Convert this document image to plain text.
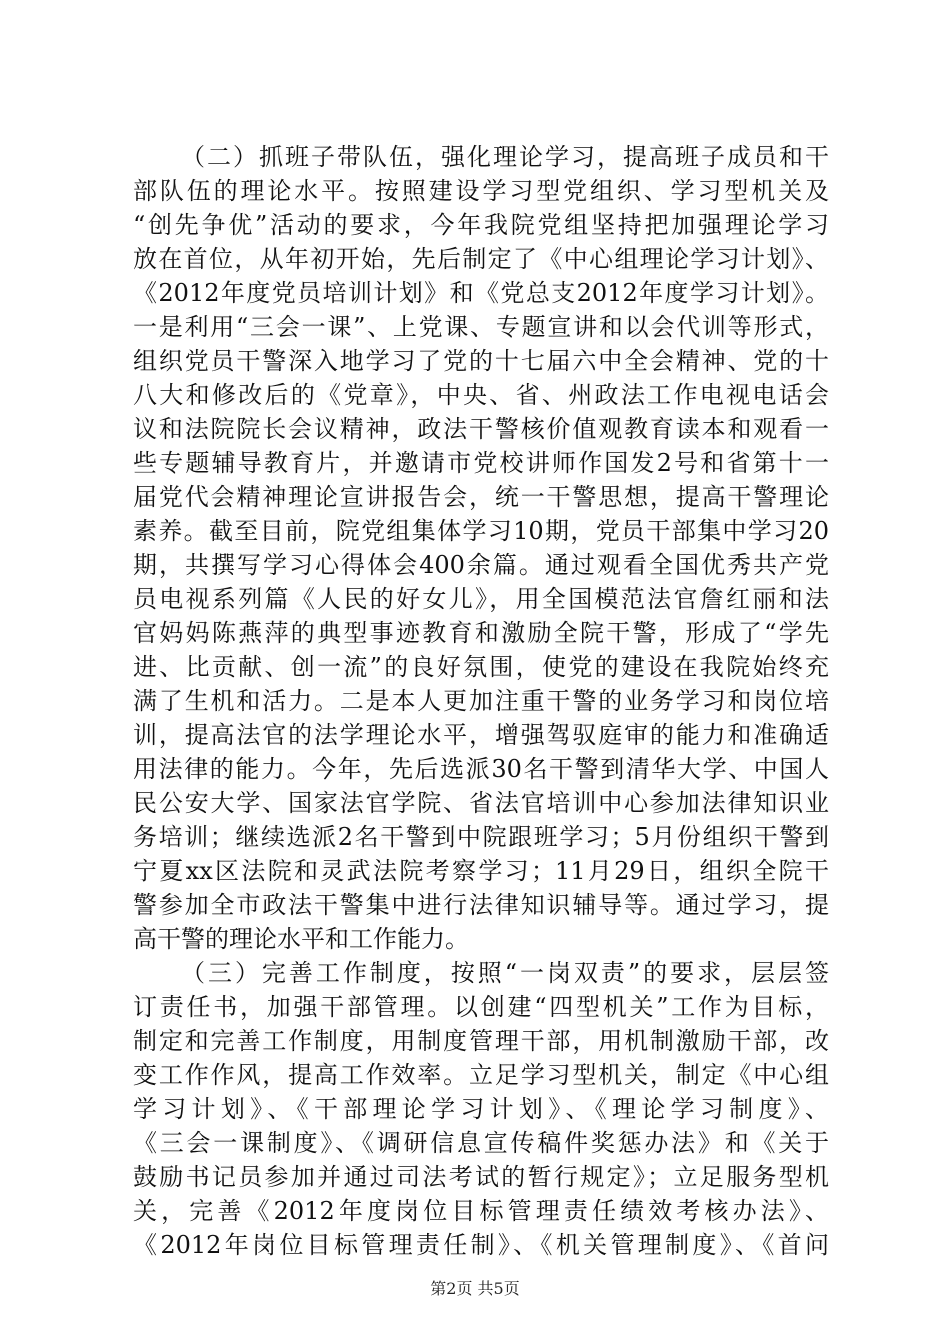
（二）抓班子带队伍，强化理论学习，提高班子成员和干
部队伍的理论水平。按照建设学习型党组织、学习型机关及
“创先争优”活动的要求，今年我院党组坚持把加强理论学习
放在首位，从年初开始，先后制定了《中心组理论学习计划》、
《2012年度党员培训计划》和《党总支2012年度学习计划》。
一是利用“三会一课”、上党课、专题宣讲和以会代训等形式，
组织党员干警深入地学习了党的十七届六中全会精神、党的十
八大和修改后的《党章》，中央、省、州政法工作电视电话会
议和法院院长会议精神，政法干警核价值观教育读本和观看一
些专题辅导教育片，并邀请市党校讲师作国发2号和省第十一
届党代会精神理论宣讲报告会，统一干警思想，提高干警理论
素养。截至目前，院党组集体学习10期，党员干部集中学习20
期，共撰写学习心得体会400余篇。通过观看全国优秀共产党
员电视系列篇《人民的好女儿》，用全国模范法官詹红丽和法
官妈妈陈燕萍的典型事迹教育和激励全院干警，形成了“学先
进、比贡献、创一流”的良好氛围，使党的建设在我院始终充
满了生机和活力。二是本人更加注重干警的业务学习和岗位培
训，提高法官的法学理论水平，增强驾驭庭审的能力和准确适
用法律的能力。今年，先后选派30名干警到清华大学、中国人
民公安大学、国家法官学院、省法官培训中心参加法律知识业
务培训；继续选派2名干警到中院跟班学习；5月份组织干警到
宁夏xx区法院和灵武法院考察学习；11月29日，组织全院干
警参加全市政法干警集中进行法律知识辅导等。通过学习，提
高干警的理论水平和工作能力。
（三）完善工作制度，按照“一岗双责”的要求，层层签
订责任书，加强干部管理。以创建“四型机关”工作为目标，
制定和完善工作制度，用制度管理干部，用机制激励干部，改
变工作作风，提高工作效率。立足学习型机关，制定《中心组
学习计划》、《干部理论学习计划》、《理论学习制度》、
《三会一课制度》、《调研信息宣传稿件奖惩办法》和《关于
鼓励书记员参加并通过司法考试的暂行规定》；立足服务型机
关，完善《2012年度岗位目标管理责任绩效考核办法》、
《2012年岗位目标管理责任制》、《机关管理制度》、《首问
第2页 共5页
